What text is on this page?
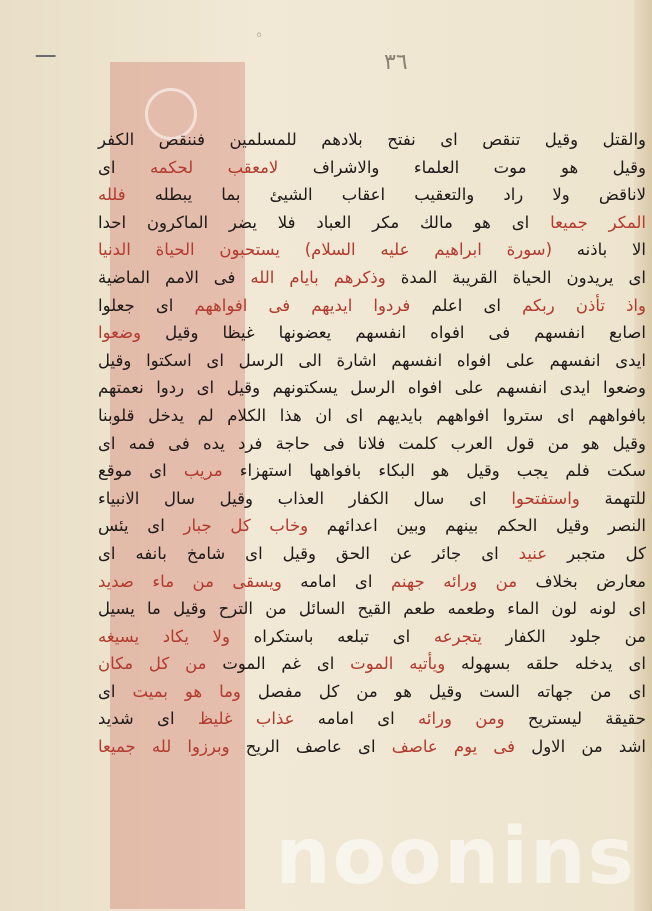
ـــ
◦
٣٦
والقتل وقيل تنقص اى نفتح بلادهم للمسلمين فننقص الكفر
وقيل هو موت العلماء والاشراف لامعقب لحكمه اى
لاناقض ولا راد والتعقيب اعقاب الشيئ بما يبطله فلله
المكر جميعا اى هو مالك مكر العباد فلا يضر الماكرون احدا
الا باذنه (سورة ابراهيم عليه السلام) يستحبون الحياة الدنيا
اى يريدون الحياة القريبة المدة وذكرهم بايام الله فى الامم الماضية
واذ تأذن ربكم اى اعلم فردوا ايديهم فى افواههم اى جعلوا
اصابع انفسهم فى افواه انفسهم يعضونها غيظا وقيل وضعوا
ايدى انفسهم على افواه انفسهم اشارة الى الرسل اى اسكتوا وقيل
وضعوا ايدى انفسهم على افواه الرسل يسكتونهم وقيل اى ردوا نعمتهم
بافواههم اى ستروا افواههم بايديهم اى ان هذا الكلام لم يدخل قلوبنا
وقيل هو من قول العرب كلمت فلانا فى حاجة فرد يده فى فمه اى
سكت فلم يجب وقيل هو البكاء بافواهها استهزاء مريب اى موقع
للتهمة واستفتحوا اى سال الكفار العذاب وقيل سال الانبياء
النصر وقيل الحكم بينهم وبين اعدائهم وخاب كل جبار اى يئس
كل متجبر عنيد اى جائر عن الحق وقيل اى شامخ بانفه اى
معارض بخلاف من ورائه جهنم اى امامه ويسقى من ماء صديد
اى لونه لون الماء وطعمه طعم القيح السائل من الترح وقيل ما يسيل
من جلود الكفار يتجرعه اى تبلعه باستكراه ولا يكاد يسيغه
اى يدخله حلقه بسهوله ويأتيه الموت اى غم الموت من كل مكان
اى من جهاته الست وقيل هو من كل مفصل وما هو بميت اى
حقيقة ليستريح ومن ورائه اى امامه عذاب غليظ اى شديد
اشد من الاول فى يوم عاصف اى عاصف الريح وبرزوا لله جميعا
noonins
